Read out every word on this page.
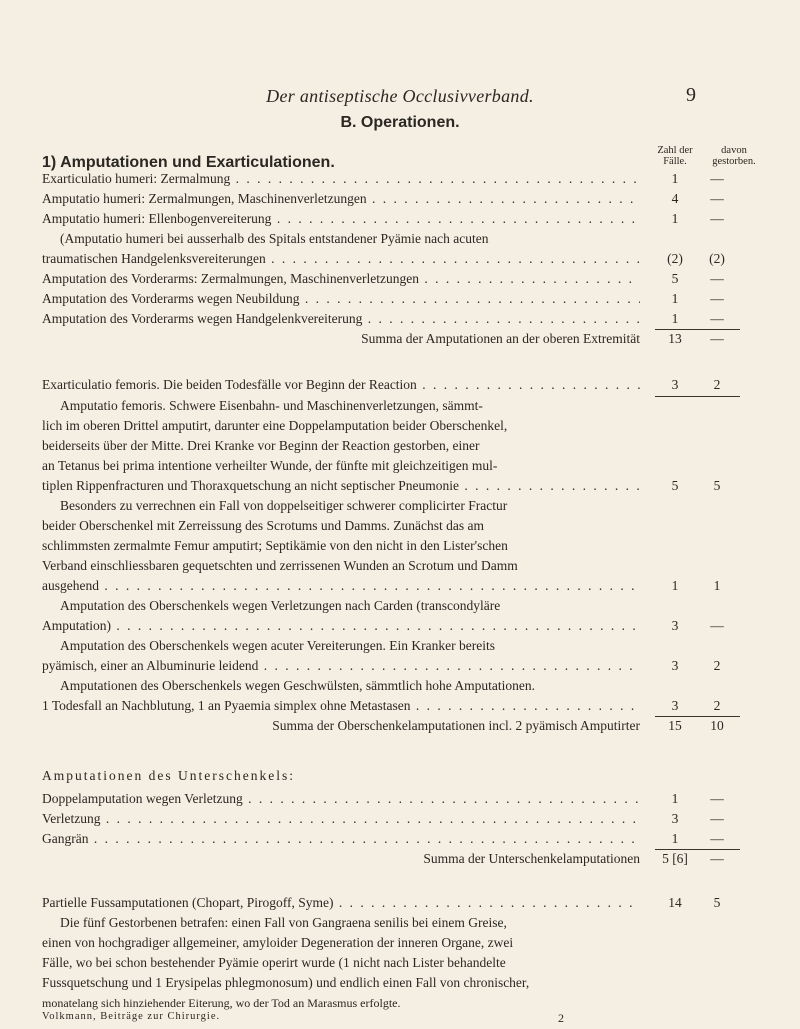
Der antiseptische Occlusivverband.	9
B. Operationen.
1) Amputationen und Exarticulationen.
Zahl der Fälle.
davon gestorben.
Exarticulatio humeri: Zermalmung . . .	1	—
Amputatio humeri: Zermalmungen, Maschinenverletzungen . . .	4	—
Amputatio humeri: Ellenbogenvereiterung . . .	1	—
(Amputatio humeri bei ausserhalb des Spitals entstandener Pyämie nach acuten
traumatischen Handgelenksvereiterungen . . .	(2)	(2)
Amputation des Vorderarms: Zermalmungen, Maschinenverletzungen . . .	5	—
Amputation des Vorderarms wegen Neubildung . . .	1	—
Amputation des Vorderarms wegen Handgelenkvereiterung . . .	1	—
Summa der Amputationen an der oberen Extremität	13	—
Exarticulatio femoris. Die beiden Todesfälle vor Beginn der Reaction . . .	3	2
Amputatio femoris. Schwere Eisenbahn- und Maschinenverletzungen, sämmt-
lich im oberen Drittel amputirt, darunter eine Doppelamputation beider Oberschenkel,
beiderseits über der Mitte. Drei Kranke vor Beginn der Reaction gestorben, einer
an Tetanus bei prima intentione verheilter Wunde, der fünfte mit gleichzeitigen mul-
tiplen Rippenfracturen und Thoraxquetschung an nicht septischer Pneumonie . . .	5	5
Besonders zu verrechnen ein Fall von doppelseitiger schwerer complicirter Fractur
beider Oberschenkel mit Zerreissung des Scrotums und Damms. Zunächst das am
schlimmsten zermalmte Femur amputirt; Septikämie von den nicht in den Lister'schen
Verband einschliessbaren gequetschten und zerrissenen Wunden an Scrotum und Damm
ausgehend . . .	1	1
Amputation des Oberschenkels wegen Verletzungen nach Carden (transcondyläre
Amputation) . . .	3	—
Amputation des Oberschenkels wegen acuter Vereiterungen. Ein Kranker bereits
pyämisch, einer an Albuminurie leidend . . .	3	2
Amputationen des Oberschenkels wegen Geschwülsten, sämmtlich hohe Amputationen.
1 Todesfall an Nachblutung, 1 an Pyaemia simplex ohne Metastasen . . .	3	2
Summa der Oberschenkelamputationen incl. 2 pyämisch Amputirter	15	10
Amputationen des Unterschenkels:
Doppelamputation wegen Verletzung . . .	1	—
Verletzung . . .	3	—
Gangrän . . .	1	—
Summa der Unterschenkelamputationen 5 [6]	—
Partielle Fussamputationen (Chopart, Pirogoff, Syme) . . .	14	5
Die fünf Gestorbenen betrafen: einen Fall von Gangraena senilis bei einem Greise,
einen von hochgradiger allgemeiner, amyloider Degeneration der inneren Organe, zwei
Fälle, wo bei schon bestehender Pyämie operirt wurde (1 nicht nach Lister behandelte
Fussquetschung und 1 Erysipelas phlegmonosum) und endlich einen Fall von chronischer,
monatelang sich hinziehender Eiterung, wo der Tod an Marasmus erfolgte.
Volkmann, Beiträge zur Chirurgie.	2
